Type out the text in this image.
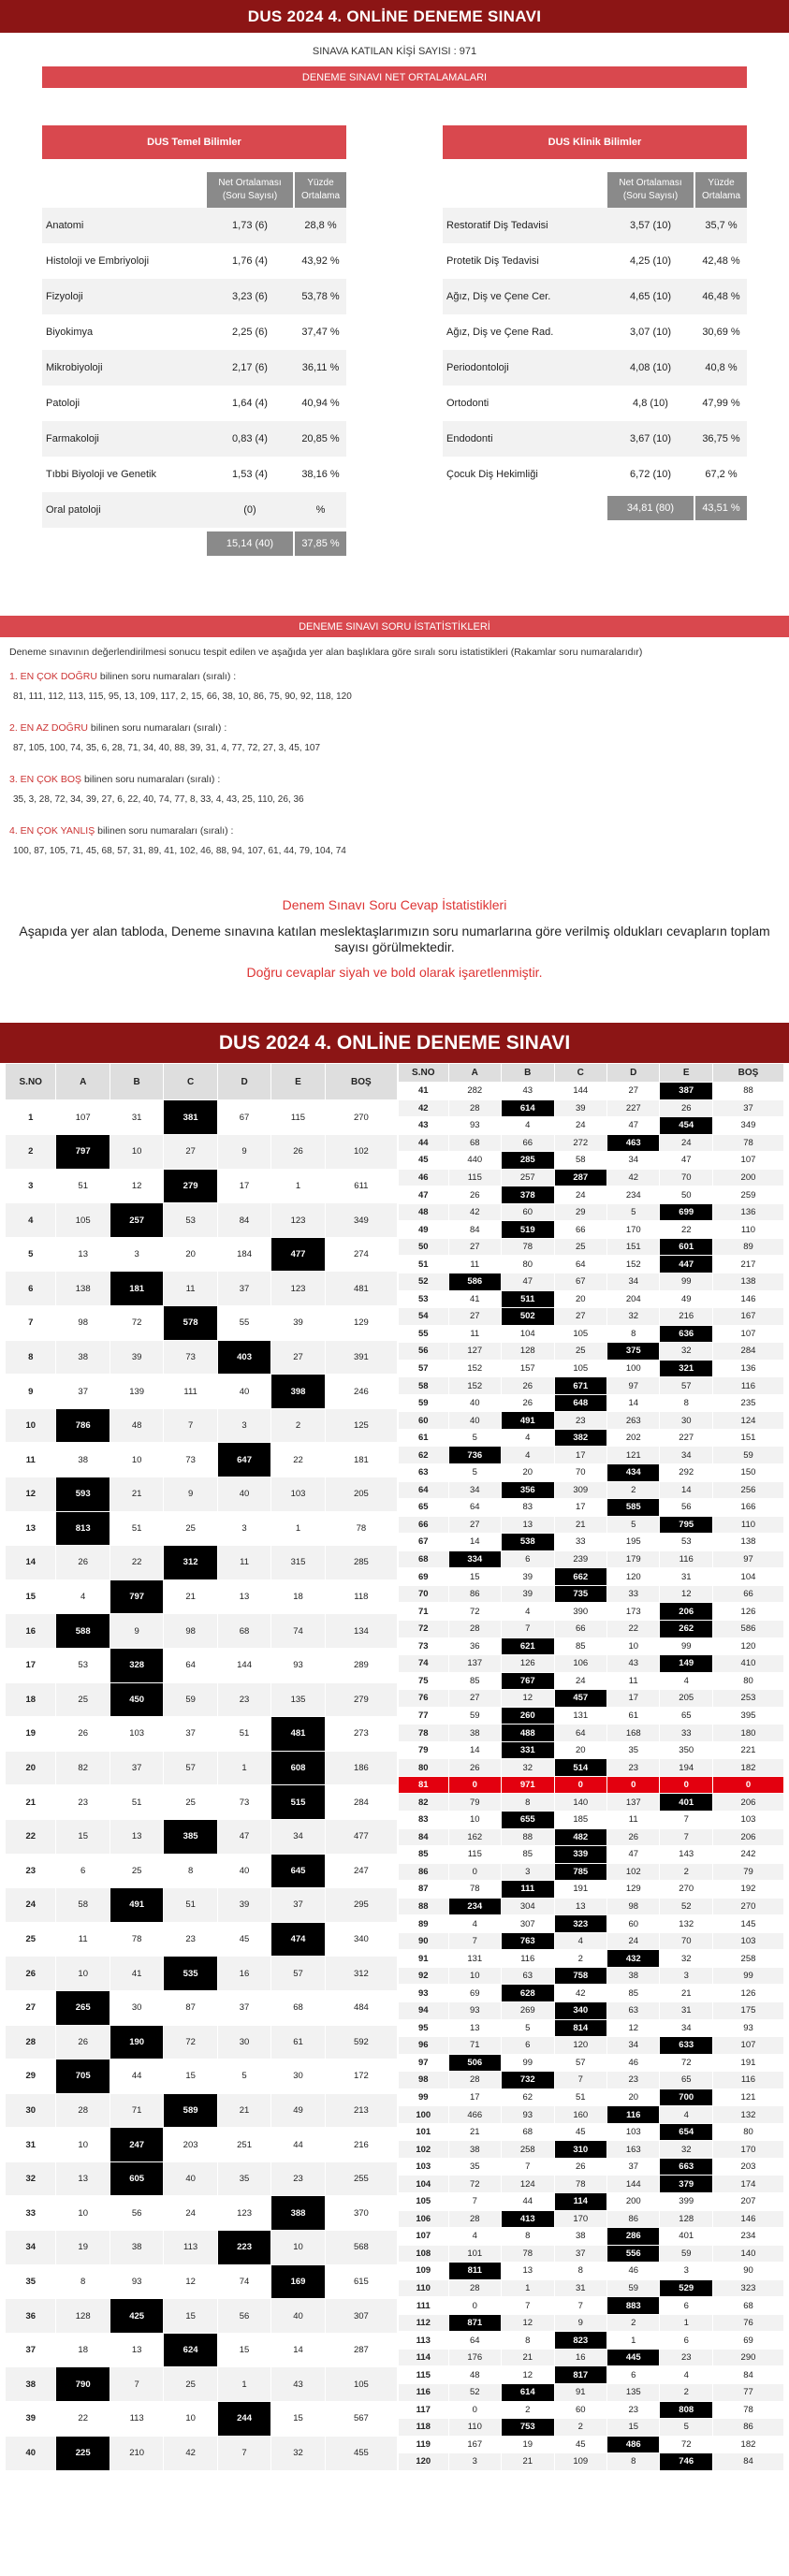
DUS 2024 4. ONLİNE DENEME SINAVI
SINAVA KATILAN KİŞİ SAYISI : 971
DENEME SINAVI NET ORTALAMALARI
DUS Temel Bilimler
Net Ortalaması (Soru Sayısı)
Yüzde Ortalama
Anatomi	1,73 (6)	28,8 %
Histoloji ve Embriyoloji	1,76 (4)	43,92 %
Fizyoloji	3,23 (6)	53,78 %
Biyokimya	2,25 (6)	37,47 %
Mikrobiyoloji	2,17 (6)	36,11 %
Patoloji	1,64 (4)	40,94 %
Farmakoloji	0,83 (4)	20,85 %
Tıbbi Biyoloji ve Genetik	1,53 (4)	38,16 %
Oral patoloji	(0)	%
15,14 (40)	37,85 %
DUS Klinik Bilimler
Net Ortalaması (Soru Sayısı)
Yüzde Ortalama
Restoratif Diş Tedavisi	3,57 (10)	35,7 %
Protetik Diş Tedavisi	4,25 (10)	42,48 %
Ağız, Diş ve Çene Cer.	4,65 (10)	46,48 %
Ağız, Diş ve Çene Rad.	3,07 (10)	30,69 %
Periodontoloji	4,08 (10)	40,8 %
Ortodonti	4,8 (10)	47,99 %
Endodonti	3,67 (10)	36,75 %
Çocuk Diş Hekimliği	6,72 (10)	67,2 %
34,81 (80)	43,51 %
DENEME SINAVI SORU İSTATİSTİKLERİ

Deneme sınavının değerlendirilmesi sonucu tespit edilen ve aşağıda yer alan başlıklara göre sıralı soru istatistikleri (Rakamlar soru numaralarıdır)

1. EN ÇOK DOĞRU bilinen soru numaraları (sıralı) :
81, 111, 112, 113, 115, 95, 13, 109, 117, 2, 15, 66, 38, 10, 86, 75, 90, 92, 118, 120
2. EN AZ DOĞRU bilinen soru numaraları (sıralı) :
87, 105, 100, 74, 35, 6, 28, 71, 34, 40, 88, 39, 31, 4, 77, 72, 27, 3, 45, 107
3. EN ÇOK BOŞ bilinen soru numaraları (sıralı) :
35, 3, 28, 72, 34, 39, 27, 6, 22, 40, 74, 77, 8, 33, 4, 43, 25, 110, 26, 36
4. EN ÇOK YANLIŞ bilinen soru numaraları (sıralı) :
100, 87, 105, 71, 45, 68, 57, 31, 89, 41, 102, 46, 88, 94, 107, 61, 44, 79, 104, 74
Denem Sınavı Soru Cevap İstatistikleri
Aşapıda yer alan tabloda, Deneme sınavına katılan meslektaşlarımızın soru numarlarına göre verilmiş oldukları cevapların toplam sayısı görülmektedir.
Doğru cevaplar siyah ve bold olarak işaretlenmiştir.
DUS 2024 4. ONLİNE DENEME SINAVI
S.NO	A	B	C	D	E	BOŞ
1	107	31	381	67	115	270
2	797	10	27	9	26	102
3	51	12	279	17	1	611
4	105	257	53	84	123	349
5	13	3	20	184	477	274
6	138	181	11	37	123	481
7	98	72	578	55	39	129
8	38	39	73	403	27	391
9	37	139	111	40	398	246
10	786	48	7	3	2	125
11	38	10	73	647	22	181
12	593	21	9	40	103	205
13	813	51	25	3	1	78
14	26	22	312	11	315	285
15	4	797	21	13	18	118
16	588	9	98	68	74	134
17	53	328	64	144	93	289
18	25	450	59	23	135	279
19	26	103	37	51	481	273
20	82	37	57	1	608	186
21	23	51	25	73	515	284
22	15	13	385	47	34	477
23	6	25	8	40	645	247
24	58	491	51	39	37	295
25	11	78	23	45	474	340
26	10	41	535	16	57	312
27	265	30	87	37	68	484
28	26	190	72	30	61	592
29	705	44	15	5	30	172
30	28	71	589	21	49	213
31	10	247	203	251	44	216
32	13	605	40	35	23	255
33	10	56	24	123	388	370
34	19	38	113	223	10	568
35	8	93	12	74	169	615
36	128	425	15	56	40	307
37	18	13	624	15	14	287
38	790	7	25	1	43	105
39	22	113	10	244	15	567
40	225	210	42	7	32	455
S.NO	A	B	C	D	E	BOŞ
41	282	43	144	27	387	88
42	28	614	39	227	26	37
43	93	4	24	47	454	349
44	68	66	272	463	24	78
45	440	285	58	34	47	107
46	115	257	287	42	70	200
47	26	378	24	234	50	259
48	42	60	29	5	699	136
49	84	519	66	170	22	110
50	27	78	25	151	601	89
51	11	80	64	152	447	217
52	586	47	67	34	99	138
53	41	511	20	204	49	146
54	27	502	27	32	216	167
55	11	104	105	8	636	107
56	127	128	25	375	32	284
57	152	157	105	100	321	136
58	152	26	671	97	57	116
59	40	26	648	14	8	235
60	40	491	23	263	30	124
61	5	4	382	202	227	151
62	736	4	17	121	34	59
63	5	20	70	434	292	150
64	34	356	309	2	14	256
65	64	83	17	585	56	166
66	27	13	21	5	795	110
67	14	538	33	195	53	138
68	334	6	239	179	116	97
69	15	39	662	120	31	104
70	86	39	735	33	12	66
71	72	4	390	173	206	126
72	28	7	66	22	262	586
73	36	621	85	10	99	120
74	137	126	106	43	149	410
75	85	767	24	11	4	80
76	27	12	457	17	205	253
77	59	260	131	61	65	395
78	38	488	64	168	33	180
79	14	331	20	35	350	221
80	26	32	514	23	194	182
81	0	971	0	0	0	0
82	79	8	140	137	401	206
83	10	655	185	11	7	103
84	162	88	482	26	7	206
85	115	85	339	47	143	242
86	0	3	785	102	2	79
87	78	111	191	129	270	192
88	234	304	13	98	52	270
89	4	307	323	60	132	145
90	7	763	4	24	70	103
91	131	116	2	432	32	258
92	10	63	758	38	3	99
93	69	628	42	85	21	126
94	93	269	340	63	31	175
95	13	5	814	12	34	93
96	71	6	120	34	633	107
97	506	99	57	46	72	191
98	28	732	7	23	65	116
99	17	62	51	20	700	121
100	466	93	160	116	4	132
101	21	68	45	103	654	80
102	38	258	310	163	32	170
103	35	7	26	37	663	203
104	72	124	78	144	379	174
105	7	44	114	200	399	207
106	28	413	170	86	128	146
107	4	8	38	286	401	234
108	101	78	37	556	59	140
109	811	13	8	46	3	90
110	28	1	31	59	529	323
111	0	7	7	883	6	68
112	871	12	9	2	1	76
113	64	8	823	1	6	69
114	176	21	16	445	23	290
115	48	12	817	6	4	84
116	52	614	91	135	2	77
117	0	2	60	23	808	78
118	110	753	2	15	5	86
119	167	19	45	486	72	182
120	3	21	109	8	746	84
